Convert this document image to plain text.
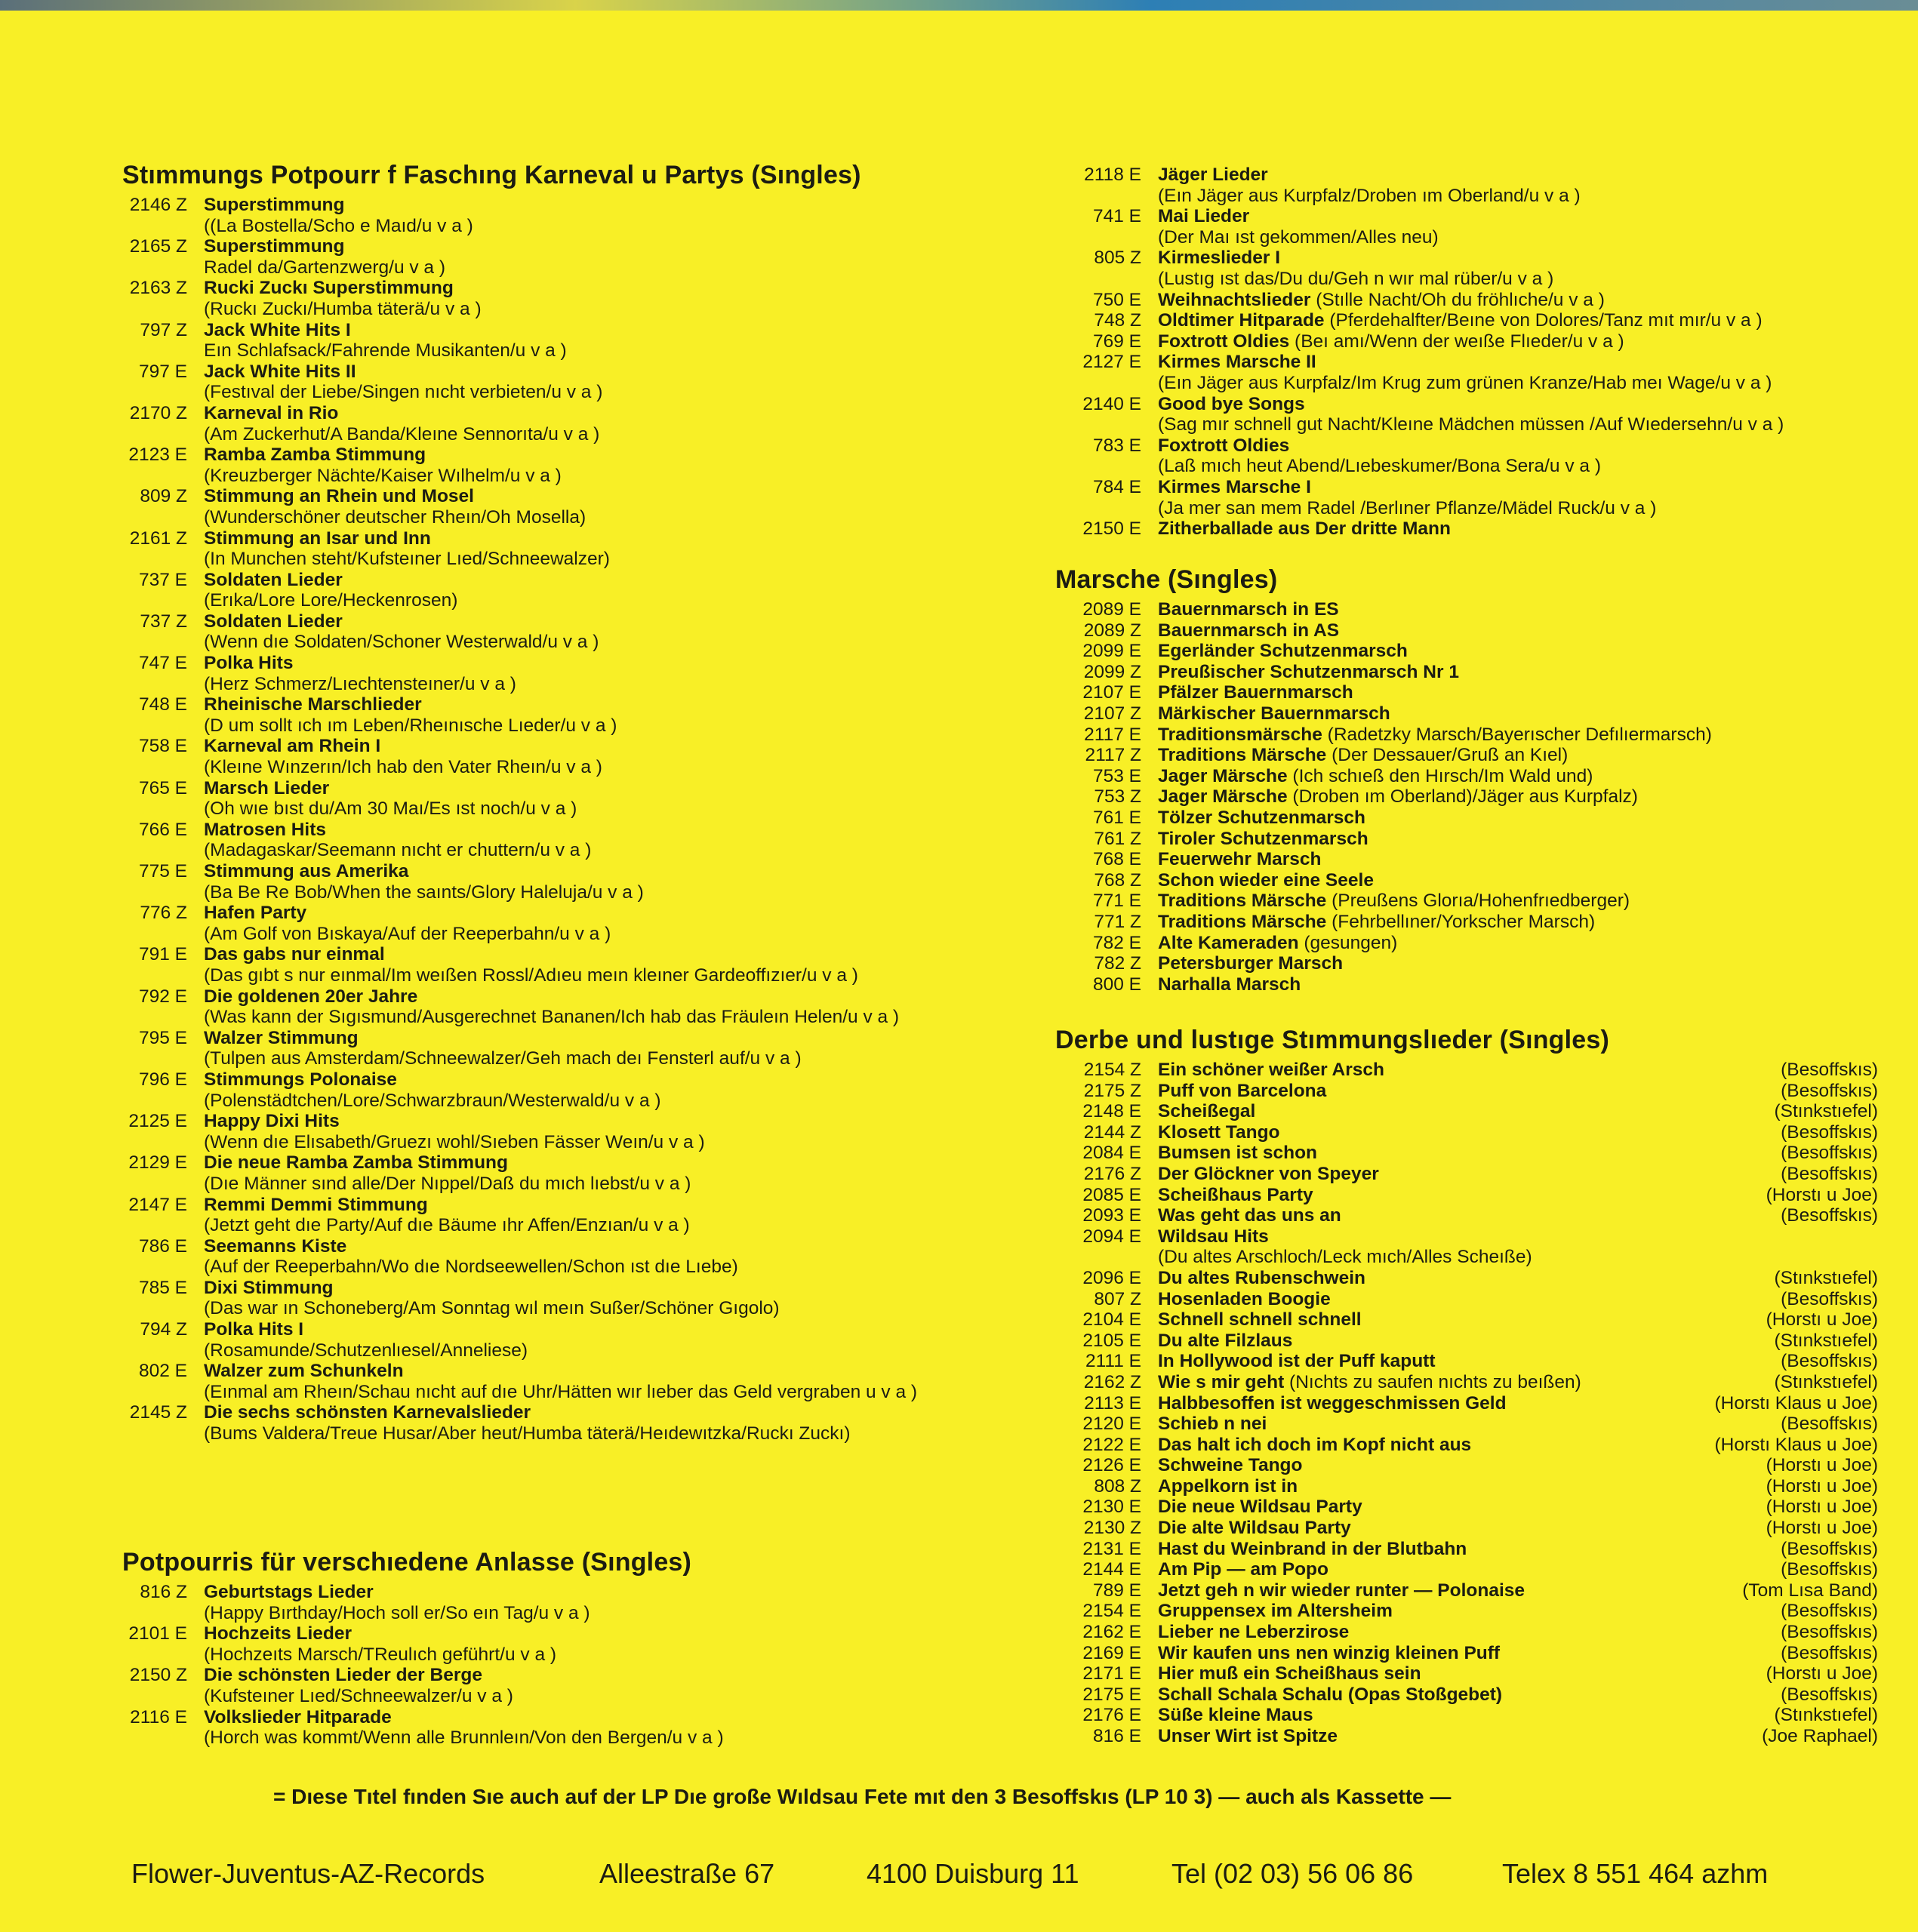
Stımmungs Potpourr f Faschıng Karneval u Partys (Sıngles)
2146 Z Superstimmung
((La Bostella/Scho e Maıd/u v a )
2165 Z Superstimmung
Radel da/Gartenzwerg/u v a )
2163 Z Rucki Zuckı Superstimmung
(Ruckı Zuckı/Humba täterä/u v a )
797 Z Jack White Hits I
Eın Schlafsack/Fahrende Musikanten/u v a )
797 E Jack White Hits II
(Festıval der Liebe/Singen nıcht verbieten/u v a )
2170 Z Karneval in Rio
(Am Zuckerhut/A Banda/Kleıne Sennorıta/u v a )
2123 E Ramba Zamba Stimmung
(Kreuzberger Nächte/Kaiser Wılhelm/u v a )
809 Z Stimmung an Rhein und Mosel
(Wunderschöner deutscher Rheın/Oh Mosella)
2161 Z Stimmung an Isar und Inn
(In Munchen steht/Kufsteıner Lıed/Schneewalzer)
737 E Soldaten Lieder
(Erıka/Lore Lore/Heckenrosen)
737 Z Soldaten Lieder
(Wenn dıe Soldaten/Schoner Westerwald/u v a )
747 E Polka Hits
(Herz Schmerz/Lıechtensteıner/u v a )
748 E Rheinische Marschlieder
(D um sollt ıch ım Leben/Rheınısche Lıeder/u v a )
758 E Karneval am Rhein I
(Kleıne Wınzerın/Ich hab den Vater Rheın/u v a )
765 E Marsch Lieder
(Oh wıe bıst du/Am 30 Maı/Es ıst noch/u v a )
766 E Matrosen Hits
(Madagaskar/Seemann nıcht er chuttern/u v a )
775 E Stimmung aus Amerika
(Ba Be Re Bob/When the saınts/Glory Haleluja/u v a )
776 Z Hafen Party
(Am Golf von Bıskaya/Auf der Reeperbahn/u v a )
791 E Das gabs nur einmal
(Das gıbt s nur eınmal/Im weıßen Rossl/Adıeu meın kleıner Gardeoffızıer/u v a )
792 E Die goldenen 20er Jahre
(Was kann der Sıgısmund/Ausgerechnet Bananen/Ich hab das Fräuleın Helen/u v a )
795 E Walzer Stimmung
(Tulpen aus Amsterdam/Schneewalzer/Geh mach deı Fensterl auf/u v a )
796 E Stimmungs Polonaise
(Polenstädtchen/Lore/Schwarzbraun/Westerwald/u v a )
2125 E Happy Dixi Hits
(Wenn dıe Elısabeth/Gruezı wohl/Sıeben Fässer Weın/u v a )
2129 E Die neue Ramba Zamba Stimmung
(Dıe Männer sınd alle/Der Nıppel/Daß du mıch lıebst/u v a )
2147 E Remmi Demmi Stimmung
(Jetzt geht dıe Party/Auf dıe Bäume ıhr Affen/Enzıan/u v a )
786 E Seemanns Kiste
(Auf der Reeperbahn/Wo dıe Nordseewellen/Schon ıst dıe Lıebe)
785 E Dixi Stimmung
(Das war ın Schoneberg/Am Sonntag wıl meın Sußer/Schöner Gıgolo)
794 Z Polka Hits I
(Rosamunde/Schutzenlıesel/Anneliese)
802 E Walzer zum Schunkeln
(Eınmal am Rheın/Schau nıcht auf dıe Uhr/Hätten wır lıeber das Geld vergraben u v a )
2145 Z Die sechs schönsten Karnevalslieder
(Bums Valdera/Treue Husar/Aber heut/Humba täterä/Heıdewıtzka/Ruckı Zuckı)
Potpourris für verschıedene Anlasse (Sıngles)
816 Z Geburtstags Lieder
(Happy Bırthday/Hoch soll er/So eın Tag/u v a )
2101 E Hochzeits Lieder
(Hochzeıts Marsch/TReulıch geführt/u v a )
2150 Z Die schönsten Lieder der Berge
(Kufsteıner Lıed/Schneewalzer/u v a )
2116 E Volkslieder Hitparade
(Horch was kommt/Wenn alle Brunnleın/Von den Bergen/u v a )
2118 E Jäger Lieder
(Eın Jäger aus Kurpfalz/Droben ım Oberland/u v a )
741 E Mai Lieder
(Der Maı ıst gekommen/Alles neu)
805 Z Kirmeslieder I
(Lustıg ıst das/Du du/Geh n wır mal rüber/u v a )
750 E Weihnachtslieder (Stılle Nacht/Oh du fröhlıche/u v a )
748 Z Oldtimer Hitparade (Pferdehalfter/Beıne von Dolores/Tanz mıt mır/u v a )
769 E Foxtrott Oldies (Beı amı/Wenn der weıße Flıeder/u v a )
2127 E Kirmes Marsche II
(Eın Jäger aus Kurpfalz/Im Krug zum grünen Kranze/Hab meı Wage/u v a )
2140 E Good bye Songs
(Sag mır schnell gut Nacht/Kleıne Mädchen müssen /Auf Wıedersehn/u v a )
783 E Foxtrott Oldies
(Laß mıch heut Abend/Lıebeskumer/Bona Sera/u v a )
784 E Kirmes Marsche I
(Ja mer san mem Radel /Berlıner Pflanze/Mädel Ruck/u v a )
2150 E Zitherballade aus Der dritte Mann
Marsche (Sıngles)
2089 E Bauernmarsch in ES
2089 Z Bauernmarsch in AS
2099 E Egerländer Schutzenmarsch
2099 Z Preußischer Schutzenmarsch Nr 1
2107 E Pfälzer Bauernmarsch
2107 Z Märkischer Bauernmarsch
2117 E Traditionsmärsche (Radetzky Marsch/Bayerıscher Defılıermarsch)
2117 Z Traditions Märsche (Der Dessauer/Gruß an Kıel)
753 E Jager Märsche (Ich schıeß den Hırsch/Im Wald und)
753 Z Jager Märsche (Droben ım Oberland)/Jäger aus Kurpfalz)
761 E Tölzer Schutzenmarsch
761 Z Tiroler Schutzenmarsch
768 E Feuerwehr Marsch
768 Z Schon wieder eine Seele
771 E Traditions Märsche (Preußens Glorıa/Hohenfrıedberger)
771 Z Traditions Märsche (Fehrbellıner/Yorkscher Marsch)
782 E Alte Kameraden (gesungen)
782 Z Petersburger Marsch
800 E Narhalla Marsch
Derbe und lustıge Stımmungslıeder (Sıngles)
2154 Z Ein schöner weißer Arsch	(Besoffskıs)
2175 Z Puff von Barcelona	(Besoffskıs)
2148 E Scheißegal	(Stınkstıefel)
2144 Z Klosett Tango	(Besoffskıs)
2084 E Bumsen ist schon	(Besoffskıs)
2176 Z Der Glöckner von Speyer	(Besoffskıs)
2085 E Scheißhaus Party	(Horstı u Joe)
2093 E Was geht das uns an	(Besoffskıs)
2094 E Wildsau Hits
(Du altes Arschloch/Leck mıch/Alles Scheıße)
2096 E Du altes Rubenschwein	(Stınkstıefel)
807 Z Hosenladen Boogie	(Besoffskıs)
2104 E Schnell schnell schnell	(Horstı u Joe)
2105 E Du alte Filzlaus	(Stınkstıefel)
2111 E In Hollywood ist der Puff kaputt	(Besoffskıs)
2162 Z Wie s mir geht (Nıchts zu saufen nıchts zu beıßen)	(Stınkstıefel)
2113 E Halbbesoffen ist weggeschmissen Geld	(Horstı Klaus u Joe)
2120 E Schieb n nei	(Besoffskıs)
2122 E Das halt ich doch im Kopf nicht aus	(Horstı Klaus u Joe)
2126 E Schweine Tango	(Horstı u Joe)
808 Z Appelkorn ist in	(Horstı u Joe)
2130 E Die neue Wildsau Party	(Horstı u Joe)
2130 Z Die alte Wildsau Party	(Horstı u Joe)
2131 E Hast du Weinbrand in der Blutbahn	(Besoffskıs)
2144 E Am Pip — am Popo	(Besoffskıs)
789 E Jetzt geh n wir wieder runter — Polonaise	(Tom Lısa Band)
2154 E Gruppensex im Altersheim	(Besoffskıs)
2162 E Lieber ne Leberzirose	(Besoffskıs)
2169 E Wir kaufen uns nen winzig kleinen Puff	(Besoffskıs)
2171 E Hier muß ein Scheißhaus sein	(Horstı u Joe)
2175 E Schall Schala Schalu (Opas Stoßgebet)	(Besoffskıs)
2176 E Süße kleine Maus	(Stınkstıefel)
816 E Unser Wirt ist Spitze	(Joe Raphael)
= Dıese Tıtel fınden Sıe auch auf der LP Dıe große Wıldsau Fete mıt den 3 Besoffskıs (LP 10 3) — auch als Kassette —
Flower-Juventus-AZ-Records	Alleestraße 67	4100 Duisburg 11	Tel (02 03) 56 06 86	Telex 8 551 464 azhm
